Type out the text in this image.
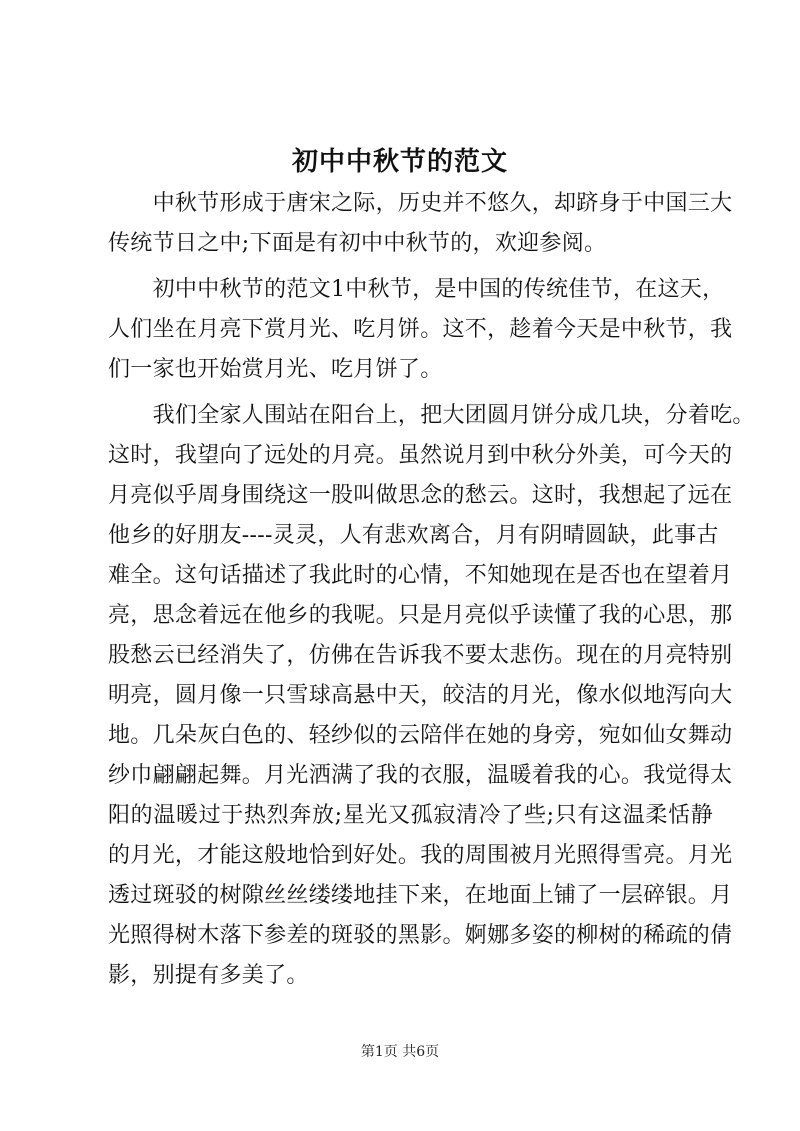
初中中秋节的范文
　　中秋节形成于唐宋之际，历史并不悠久，却跻身于中国三大
传统节日之中;下面是有初中中秋节的，欢迎参阅。
　　初中中秋节的范文1中秋节，是中国的传统佳节，在这天，
人们坐在月亮下赏月光、吃月饼。这不，趁着今天是中秋节，我
们一家也开始赏月光、吃月饼了。
　　我们全家人围站在阳台上，把大团圆月饼分成几块，分着吃。
这时，我望向了远处的月亮。虽然说月到中秋分外美，可今天的
月亮似乎周身围绕这一股叫做思念的愁云。这时，我想起了远在
他乡的好朋友----灵灵，人有悲欢离合，月有阴晴圆缺，此事古
难全。这句话描述了我此时的心情，不知她现在是否也在望着月
亮，思念着远在他乡的我呢。只是月亮似乎读懂了我的心思，那
股愁云已经消失了，仿佛在告诉我不要太悲伤。现在的月亮特别
明亮，圆月像一只雪球高悬中天，皎洁的月光，像水似地泻向大
地。几朵灰白色的、轻纱似的云陪伴在她的身旁，宛如仙女舞动
纱巾翩翩起舞。月光洒满了我的衣服，温暖着我的心。我觉得太
阳的温暖过于热烈奔放;星光又孤寂清冷了些;只有这温柔恬静
的月光，才能这般地恰到好处。我的周围被月光照得雪亮。月光
透过斑驳的树隙丝丝缕缕地挂下来，在地面上铺了一层碎银。月
光照得树木落下参差的斑驳的黑影。婀娜多姿的柳树的稀疏的倩
影，别提有多美了。
第1页 共6页
